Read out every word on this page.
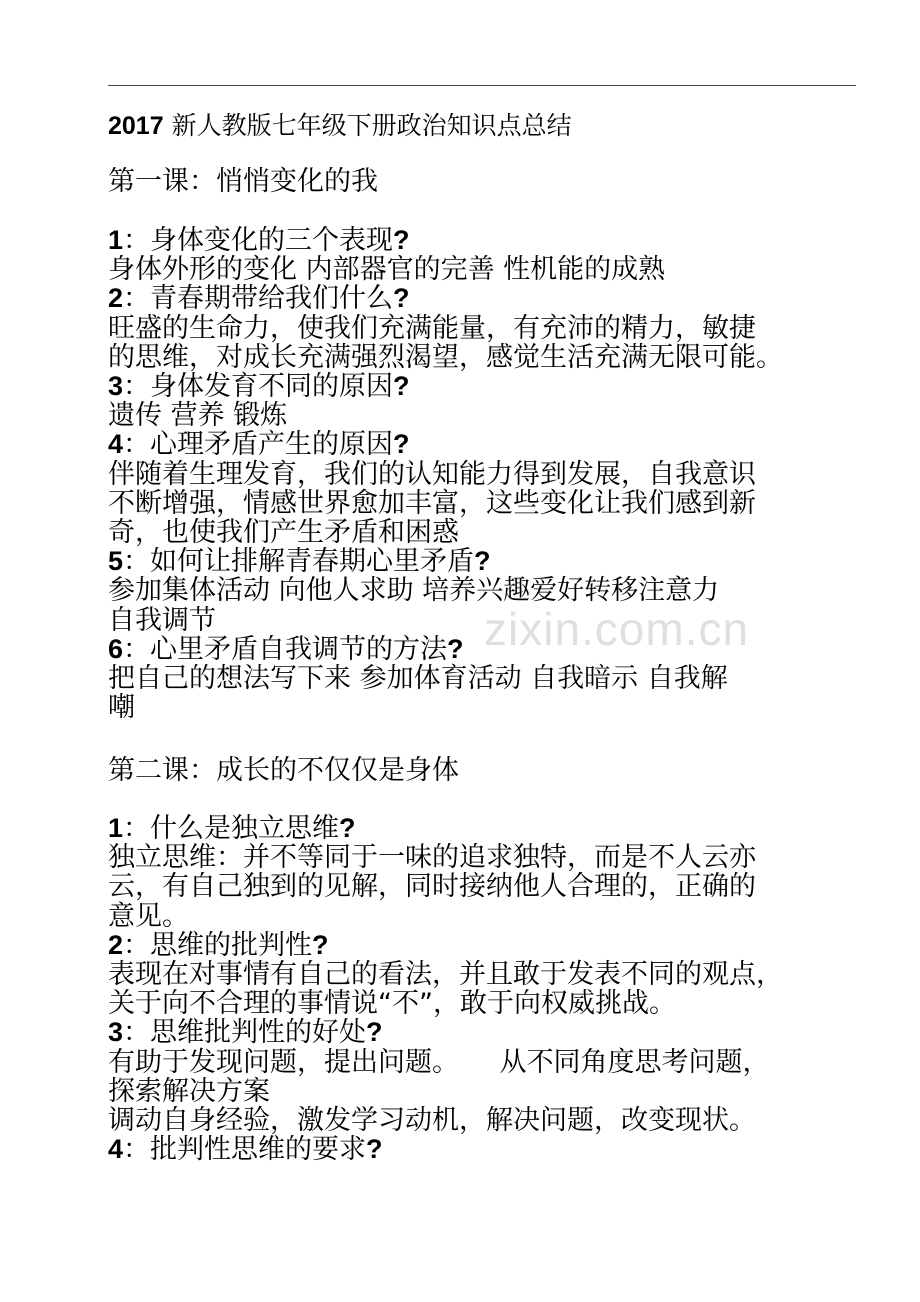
zixin.com.cn
2017 新人教版七年级下册政治知识点总结
第一课：悄悄变化的我
1：身体变化的三个表现?
身体外形的变化 内部器官的完善 性机能的成熟
2：青春期带给我们什么?
旺盛的生命力，使我们充满能量，有充沛的精力，敏捷
的思维，对成长充满强烈渴望，感觉生活充满无限可能。
3：身体发育不同的原因?
遗传 营养 锻炼
4：心理矛盾产生的原因?
伴随着生理发育，我们的认知能力得到发展，自我意识
不断增强，情感世界愈加丰富，这些变化让我们感到新
奇，也使我们产生矛盾和困惑
5：如何让排解青春期心里矛盾?
参加集体活动 向他人求助 培养兴趣爱好转移注意力
自我调节
6：心里矛盾自我调节的方法?
把自己的想法写下来 参加体育活动 自我暗示 自我解
嘲
第二课：成长的不仅仅是身体
1：什么是独立思维?
独立思维：并不等同于一味的追求独特，而是不人云亦
云，有自己独到的见解，同时接纳他人合理的，正确的
意见。
2：思维的批判性?
表现在对事情有自己的看法，并且敢于发表不同的观点，
关于向不合理的事情说“不”，敢于向权威挑战。
3：思维批判性的好处?
有助于发现问题，提出问题。　　从不同角度思考问题，
探索解决方案
调动自身经验，激发学习动机，解决问题，改变现状。
4：批判性思维的要求?
